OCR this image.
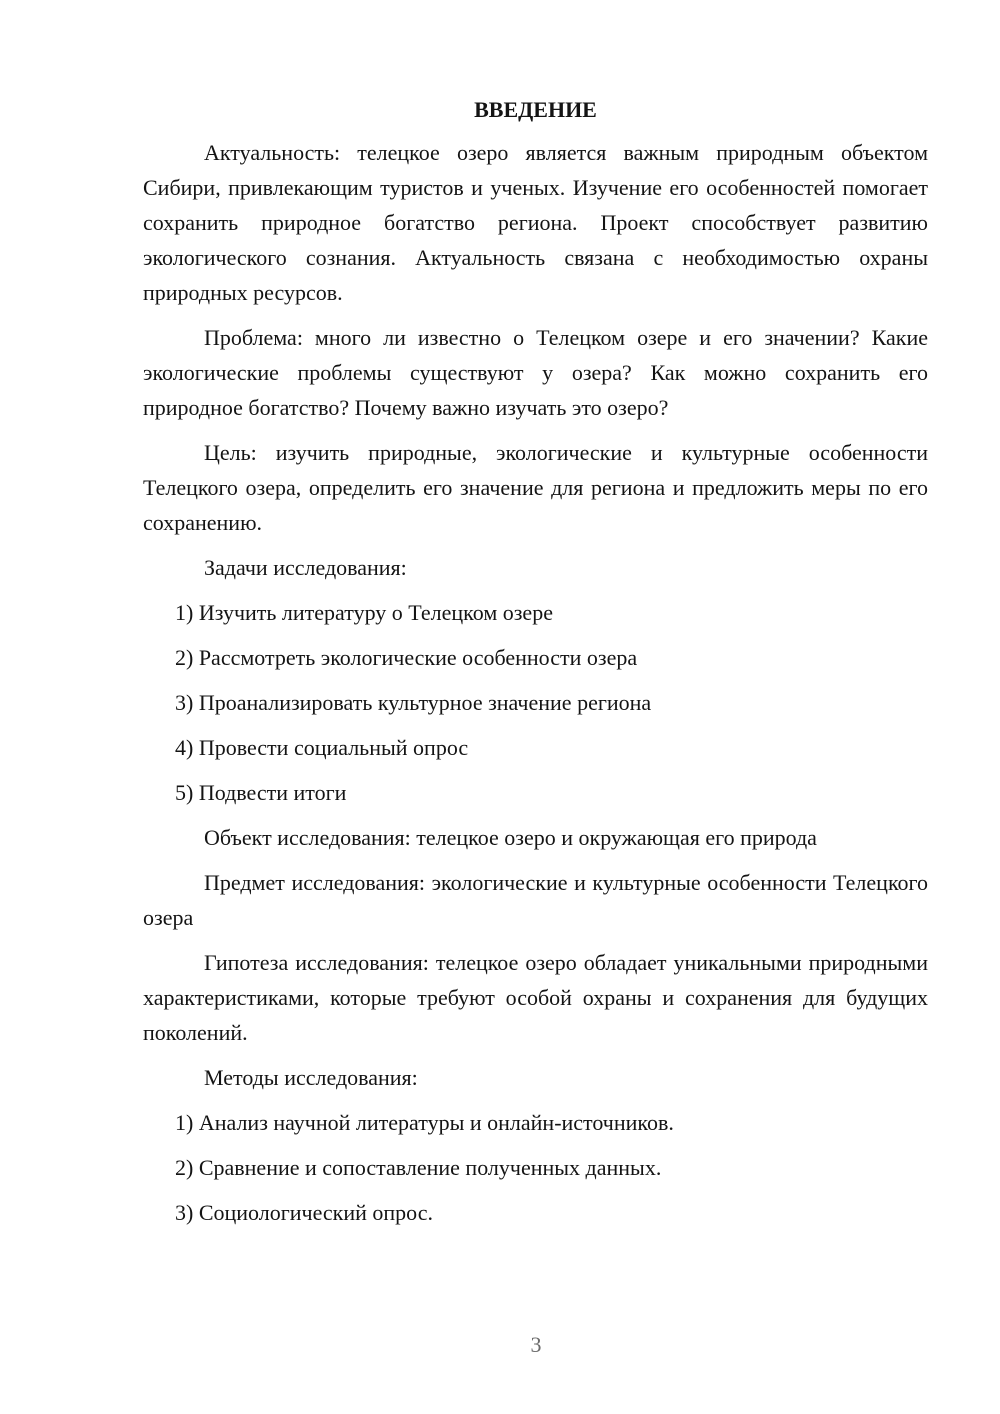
ВВЕДЕНИЕ
Актуальность: телецкое озеро является важным природным объектом Сибири, привлекающим туристов и ученых. Изучение его особенностей помогает сохранить природное богатство региона. Проект способствует развитию экологического сознания. Актуальность связана с необходимостью охраны природных ресурсов.
Проблема: много ли известно о Телецком озере и его значении? Какие экологические проблемы существуют у озера? Как можно сохранить его природное богатство? Почему важно изучать это озеро?
Цель: изучить природные, экологические и культурные особенности Телецкого озера, определить его значение для региона и предложить меры по его сохранению.
Задачи исследования:
1) Изучить литературу о Телецком озере
2) Рассмотреть экологические особенности озера
3) Проанализировать культурное значение региона
4) Провести социальный опрос
5) Подвести итоги
Объект исследования: телецкое озеро и окружающая его природа
Предмет исследования: экологические и культурные особенности Телецкого озера
Гипотеза исследования: телецкое озеро обладает уникальными природными характеристиками, которые требуют особой охраны и сохранения для будущих поколений.
Методы исследования:
1) Анализ научной литературы и онлайн-источников.
2) Сравнение и сопоставление полученных данных.
3) Социологический опрос.
3
